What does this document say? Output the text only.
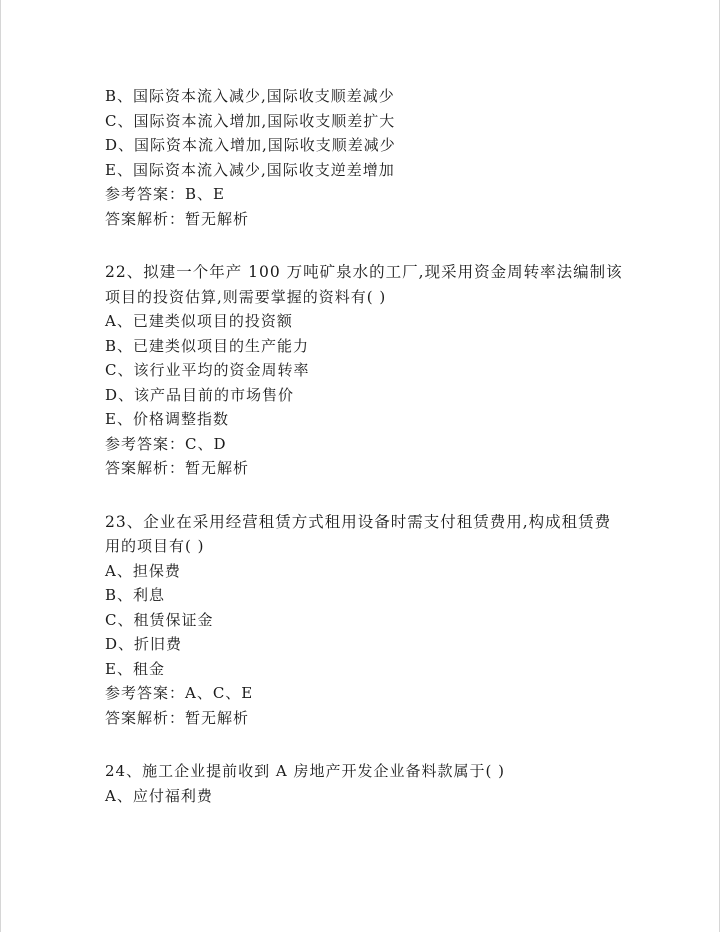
B、国际资本流入减少,国际收支顺差减少
C、国际资本流入增加,国际收支顺差扩大
D、国际资本流入增加,国际收支顺差减少
E、国际资本流入减少,国际收支逆差增加
参考答案：B、E
答案解析：暂无解析
22、拟建一个年产 100 万吨矿泉水的工厂,现采用资金周转率法编制该
项目的投资估算,则需要掌握的资料有( )
A、已建类似项目的投资额
B、已建类似项目的生产能力
C、该行业平均的资金周转率
D、该产品目前的市场售价
E、价格调整指数
参考答案：C、D
答案解析：暂无解析
23、企业在采用经营租赁方式租用设备时需支付租赁费用,构成租赁费
用的项目有( )
A、担保费
B、利息
C、租赁保证金
D、折旧费
E、租金
参考答案：A、C、E
答案解析：暂无解析
24、施工企业提前收到 A 房地产开发企业备料款属于( )
A、应付福利费
